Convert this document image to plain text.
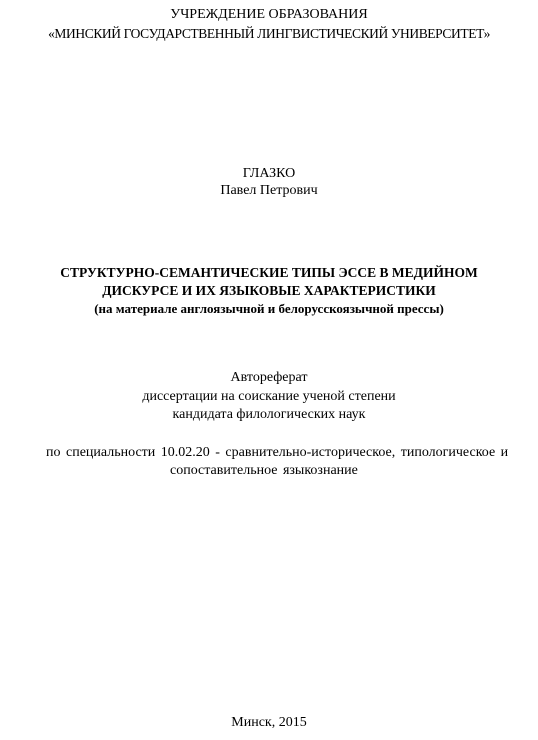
УЧРЕЖДЕНИЕ ОБРАЗОВАНИЯ
«МИНСКИЙ ГОСУДАРСТВЕННЫЙ ЛИНГВИСТИЧЕСКИЙ УНИВЕРСИТЕТ»
ГЛАЗКО
Павел Петрович
СТРУКТУРНО-СЕМАНТИЧЕСКИЕ ТИПЫ ЭССЕ В МЕДИЙНОМ
ДИСКУРСЕ И ИХ ЯЗЫКОВЫЕ ХАРАКТЕРИСТИКИ
(на материале англоязычной и белорусскоязычной прессы)
Автореферат
диссертации на соискание ученой степени
кандидата филологических наук
по специальности 10.02.20 - сравнительно-историческое, типологическое и
сопоставительное языкознание
Минск, 2015
